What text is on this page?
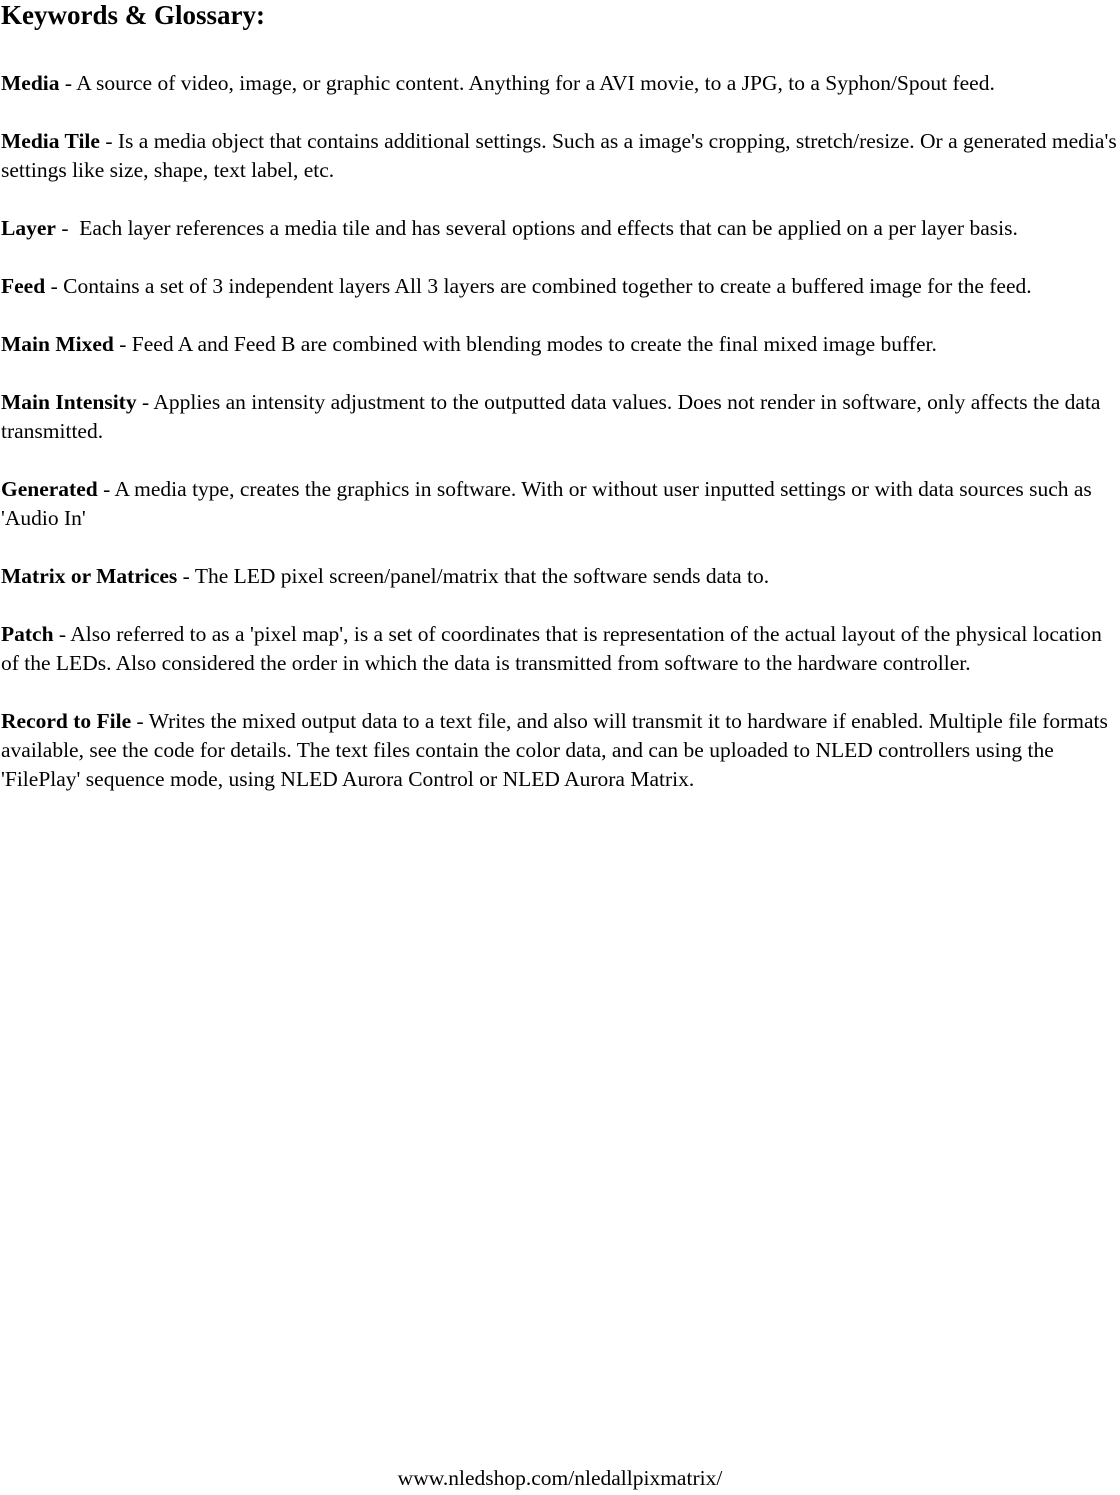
Keywords & Glossary:

Media - A source of video, image, or graphic content. Anything for a AVI movie, to a JPG, to a Syphon/Spout feed.

Media Tile - Is a media object that contains additional settings. Such as a image's cropping, stretch/resize. Or a generated media's settings like size, shape, text label, etc.

Layer -  Each layer references a media tile and has several options and effects that can be applied on a per layer basis.

Feed - Contains a set of 3 independent layers All 3 layers are combined together to create a buffered image for the feed.

Main Mixed - Feed A and Feed B are combined with blending modes to create the final mixed image buffer.

Main Intensity - Applies an intensity adjustment to the outputted data values. Does not render in software, only affects the data transmitted.

Generated - A media type, creates the graphics in software. With or without user inputted settings or with data sources such as 'Audio In'

Matrix or Matrices - The LED pixel screen/panel/matrix that the software sends data to.

Patch - Also referred to as a 'pixel map', is a set of coordinates that is representation of the actual layout of the physical location of the LEDs. Also considered the order in which the data is transmitted from software to the hardware controller.

Record to File - Writes the mixed output data to a text file, and also will transmit it to hardware if enabled. Multiple file formats available, see the code for details. The text files contain the color data, and can be uploaded to NLED controllers using the 'FilePlay' sequence mode, using NLED Aurora Control or NLED Aurora Matrix.

www.nledshop.com/nledallpixmatrix/
